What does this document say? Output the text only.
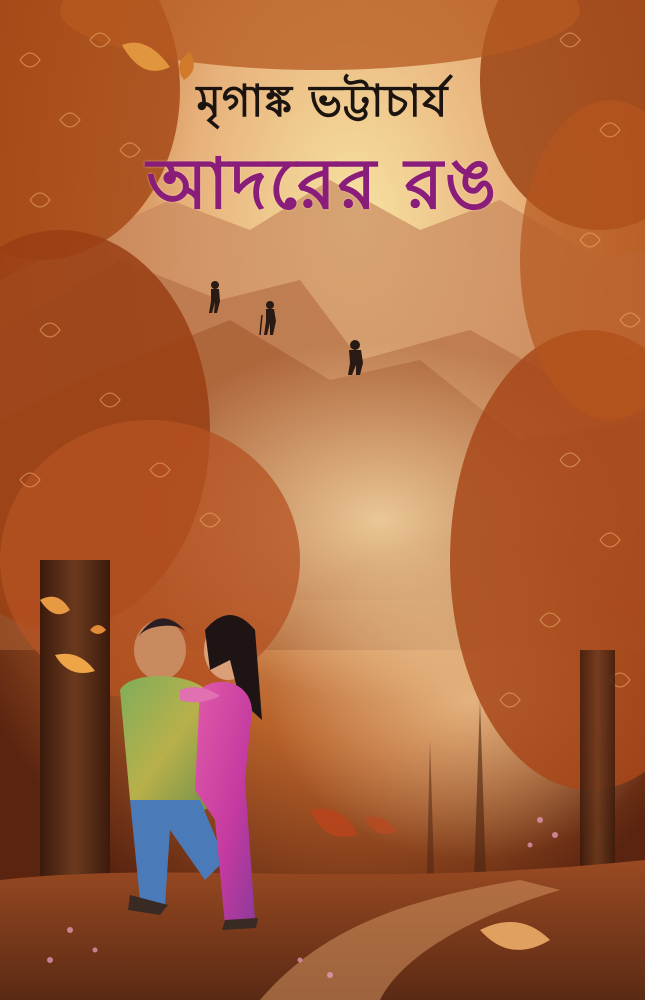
মৃগাঙ্ক ভট্টাচার্য
আদরের রঙ
